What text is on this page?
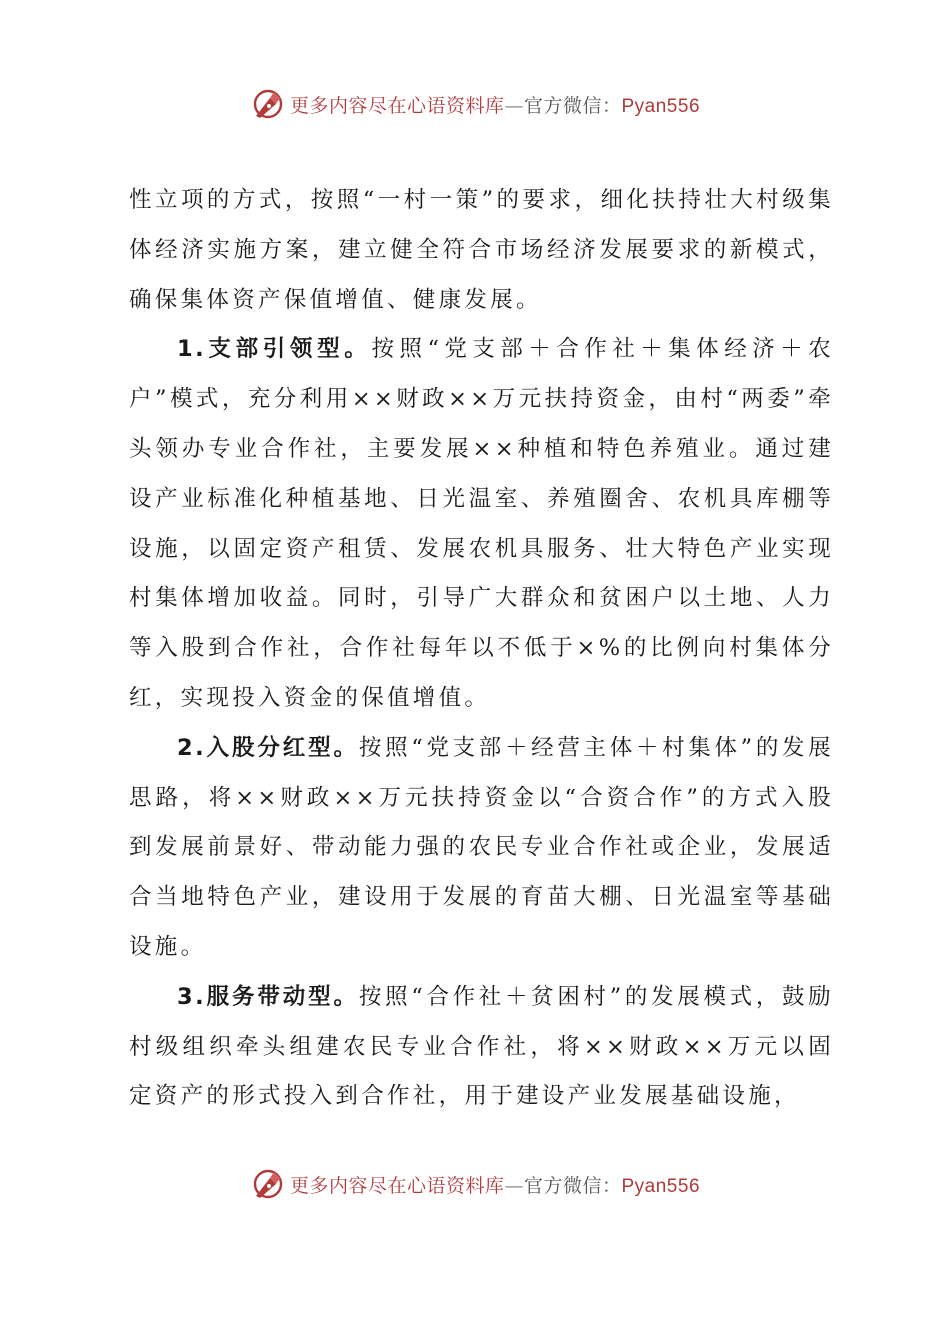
更多内容尽在心语资料库—官方微信：Pyan556

性立项的方式，按照“一村一策”的要求，细化扶持壮大村级集体经济实施方案，建立健全符合市场经济发展要求的新模式，确保集体资产保值增值、健康发展。

1.支部引领型。按照“党支部＋合作社＋集体经济＋农户”模式，充分利用××财政××万元扶持资金，由村“两委”牵头领办专业合作社，主要发展××种植和特色养殖业。通过建设产业标准化种植基地、日光温室、养殖圈舍、农机具库棚等设施，以固定资产租赁、发展农机具服务、壮大特色产业实现村集体增加收益。同时，引导广大群众和贫困户以土地、人力等入股到合作社，合作社每年以不低于×%的比例向村集体分红，实现投入资金的保值增值。

2.入股分红型。按照“党支部＋经营主体＋村集体”的发展思路，将××财政××万元扶持资金以“合资合作”的方式入股到发展前景好、带动能力强的农民专业合作社或企业，发展适合当地特色产业，建设用于发展的育苗大棚、日光温室等基础设施。

3.服务带动型。按照“合作社＋贫困村”的发展模式，鼓励村级组织牵头组建农民专业合作社，将××财政××万元以固定资产的形式投入到合作社，用于建设产业发展基础设施，

更多内容尽在心语资料库—官方微信：Pyan556
